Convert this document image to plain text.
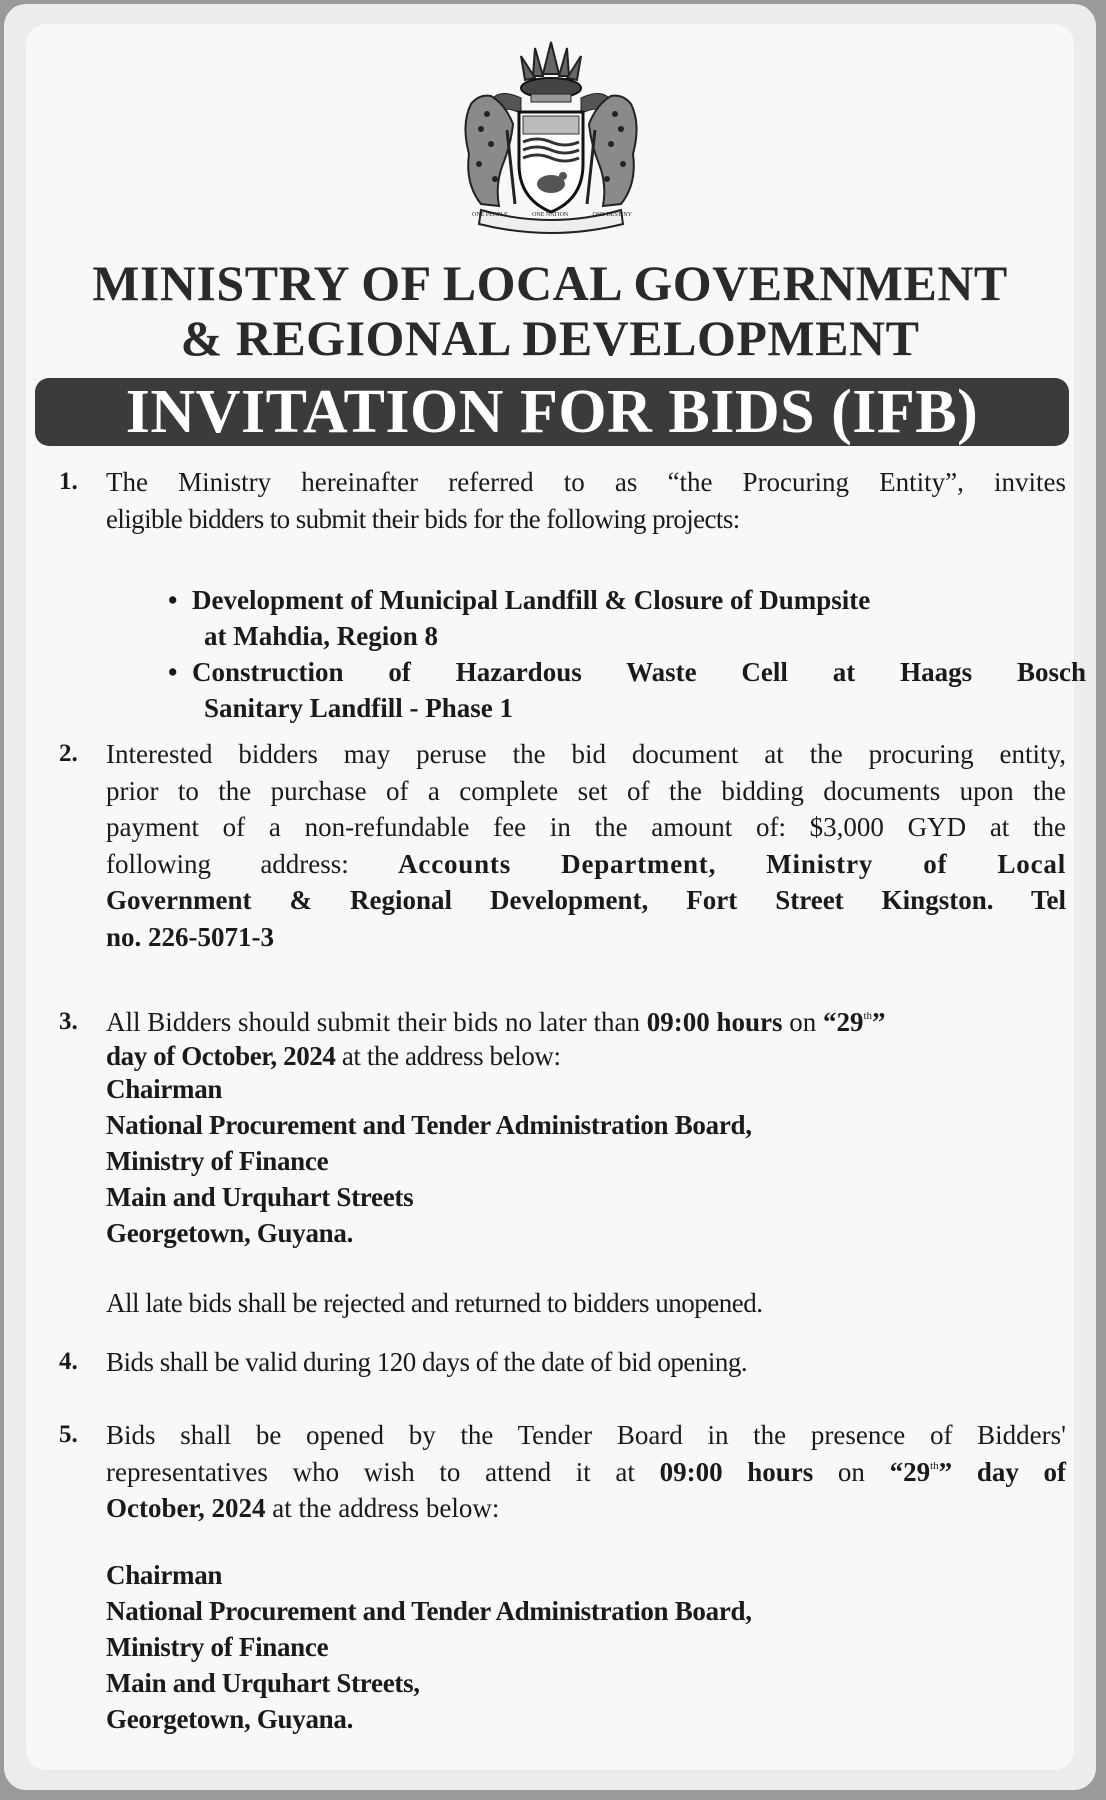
ONE PEOPLE	ONE NATION	ONE DESTINY
MINISTRY OF LOCAL GOVERNMENT
& REGIONAL DEVELOPMENT
INVITATION FOR BIDS (IFB)
1. The Ministry hereinafter referred to as “the Procuring Entity”, invites
eligible bidders to submit their bids for the following projects:
• Development of Municipal Landfill & Closure of Dumpsite
at Mahdia, Region 8
• Construction of Hazardous Waste Cell at Haags Bosch
Sanitary Landfill - Phase 1
2. Interested bidders may peruse the bid document at the procuring entity,
prior to the purchase of a complete set of the bidding documents upon the
payment of a non-refundable fee in the amount of: $3,000 GYD at the
following address: Accounts Department, Ministry of Local
Government & Regional Development, Fort Street Kingston. Tel
no. 226-5071-3
3. All Bidders should submit their bids no later than 09:00 hours on “29th”
day of October, 2024 at the address below:
Chairman
National Procurement and Tender Administration Board,
Ministry of Finance
Main and Urquhart Streets
Georgetown, Guyana.
All late bids shall be rejected and returned to bidders unopened.
4. Bids shall be valid during 120 days of the date of bid opening.
5. Bids shall be opened by the Tender Board in the presence of Bidders'
representatives who wish to attend it at 09:00 hours on “29th” day of
October, 2024 at the address below:
Chairman
National Procurement and Tender Administration Board,
Ministry of Finance
Main and Urquhart Streets,
Georgetown, Guyana.
